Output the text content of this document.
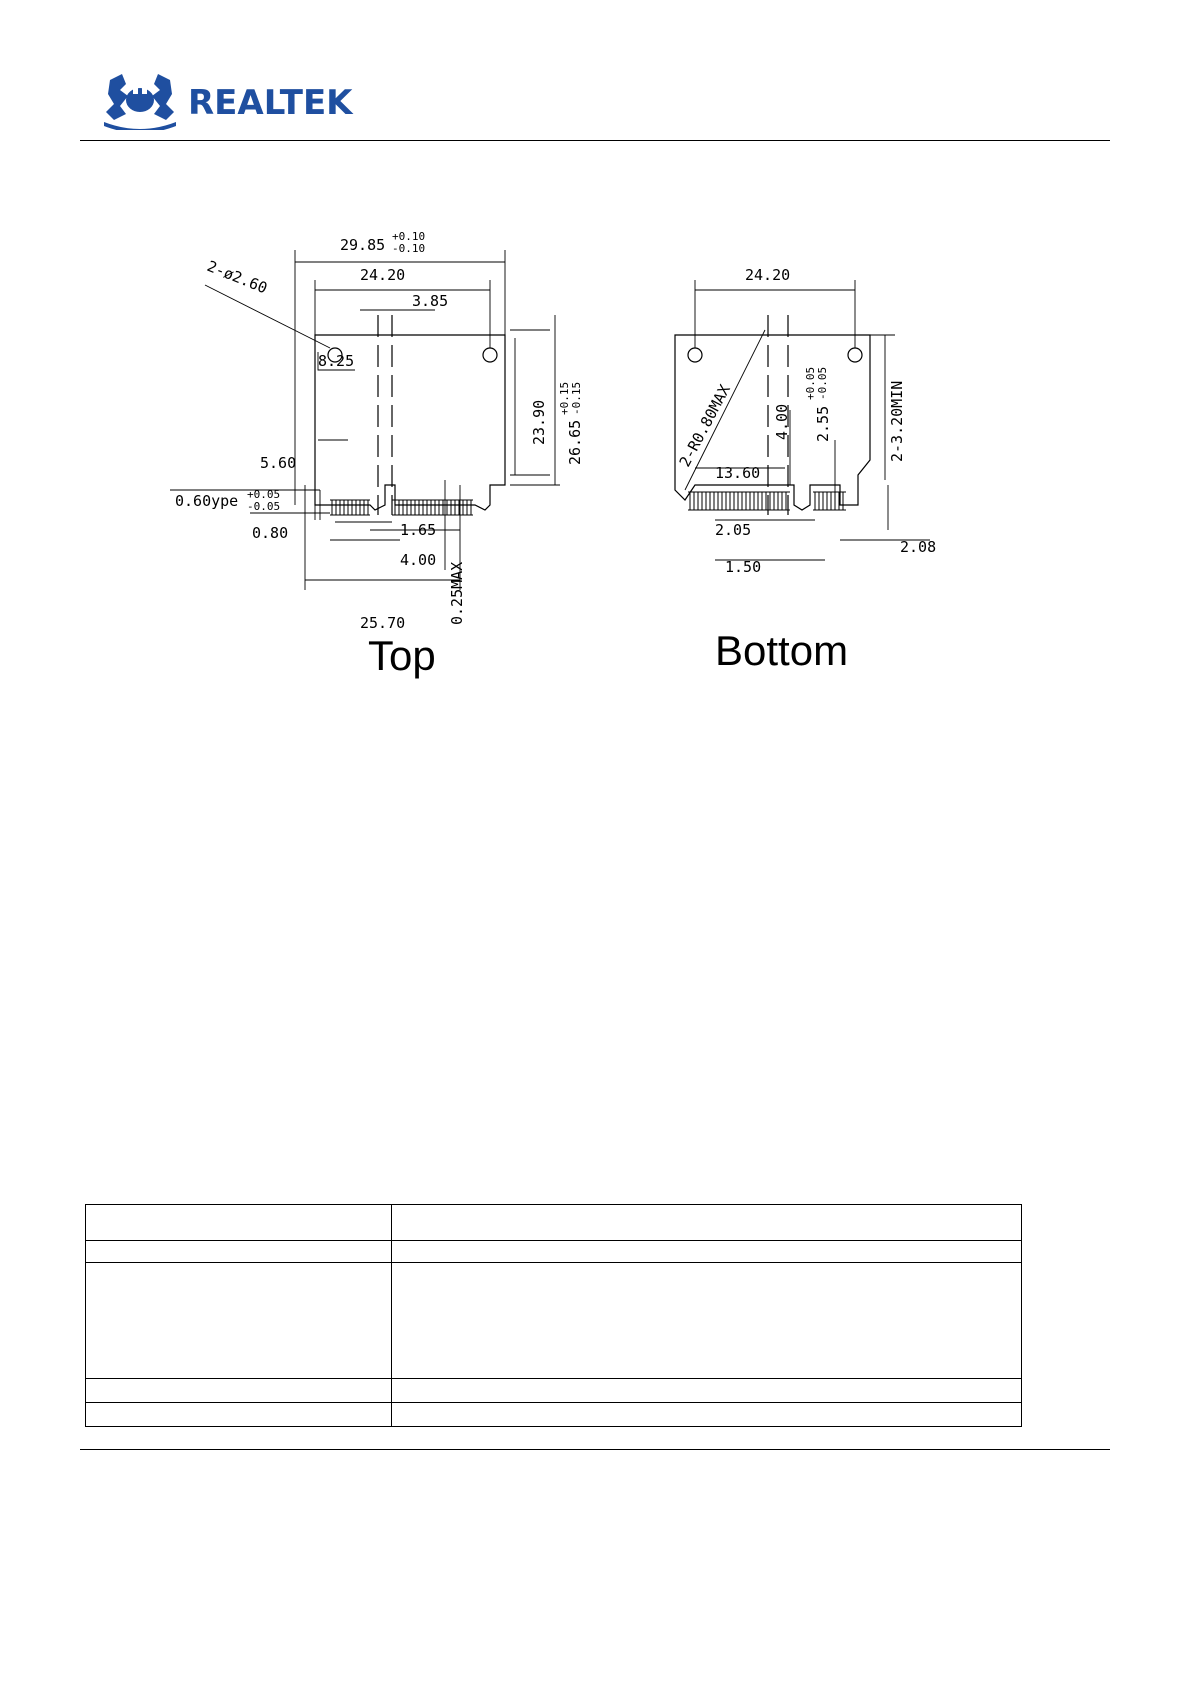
REALTEK
29.85 +0.10
-0.10
24.20
2-ø2.60
3.85
8.25
5.60
0.60ype +0.05
-0.05
0.80	1.65
4.00
25.70	0.25MAX
23.90 26.65
+0.15 -0.15
Top
24.20
2-R0.80MAX	4.00 2.55
+0.05 -0.05	2-3.20MIN
13.60
2.05
1.50
2.08
Bottom
